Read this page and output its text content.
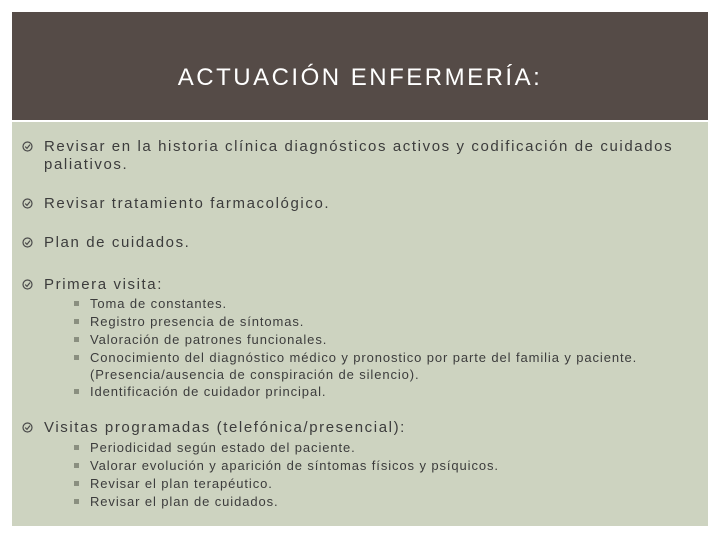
ACTUACIÓN ENFERMERÍA:
Revisar en la historia clínica diagnósticos activos y codificación de cuidados paliativos.
Revisar tratamiento farmacológico.
Plan de cuidados.
Primera visita:
Toma de constantes.
Registro presencia de síntomas.
Valoración de patrones funcionales.
Conocimiento del diagnóstico médico y pronostico por parte del familia y paciente. (Presencia/ausencia de conspiración de silencio).
Identificación de cuidador principal.
Visitas programadas (telefónica/presencial):
Periodicidad según estado del paciente.
Valorar evolución y aparición de síntomas físicos y psíquicos.
Revisar el plan terapéutico.
Revisar el plan de cuidados.
